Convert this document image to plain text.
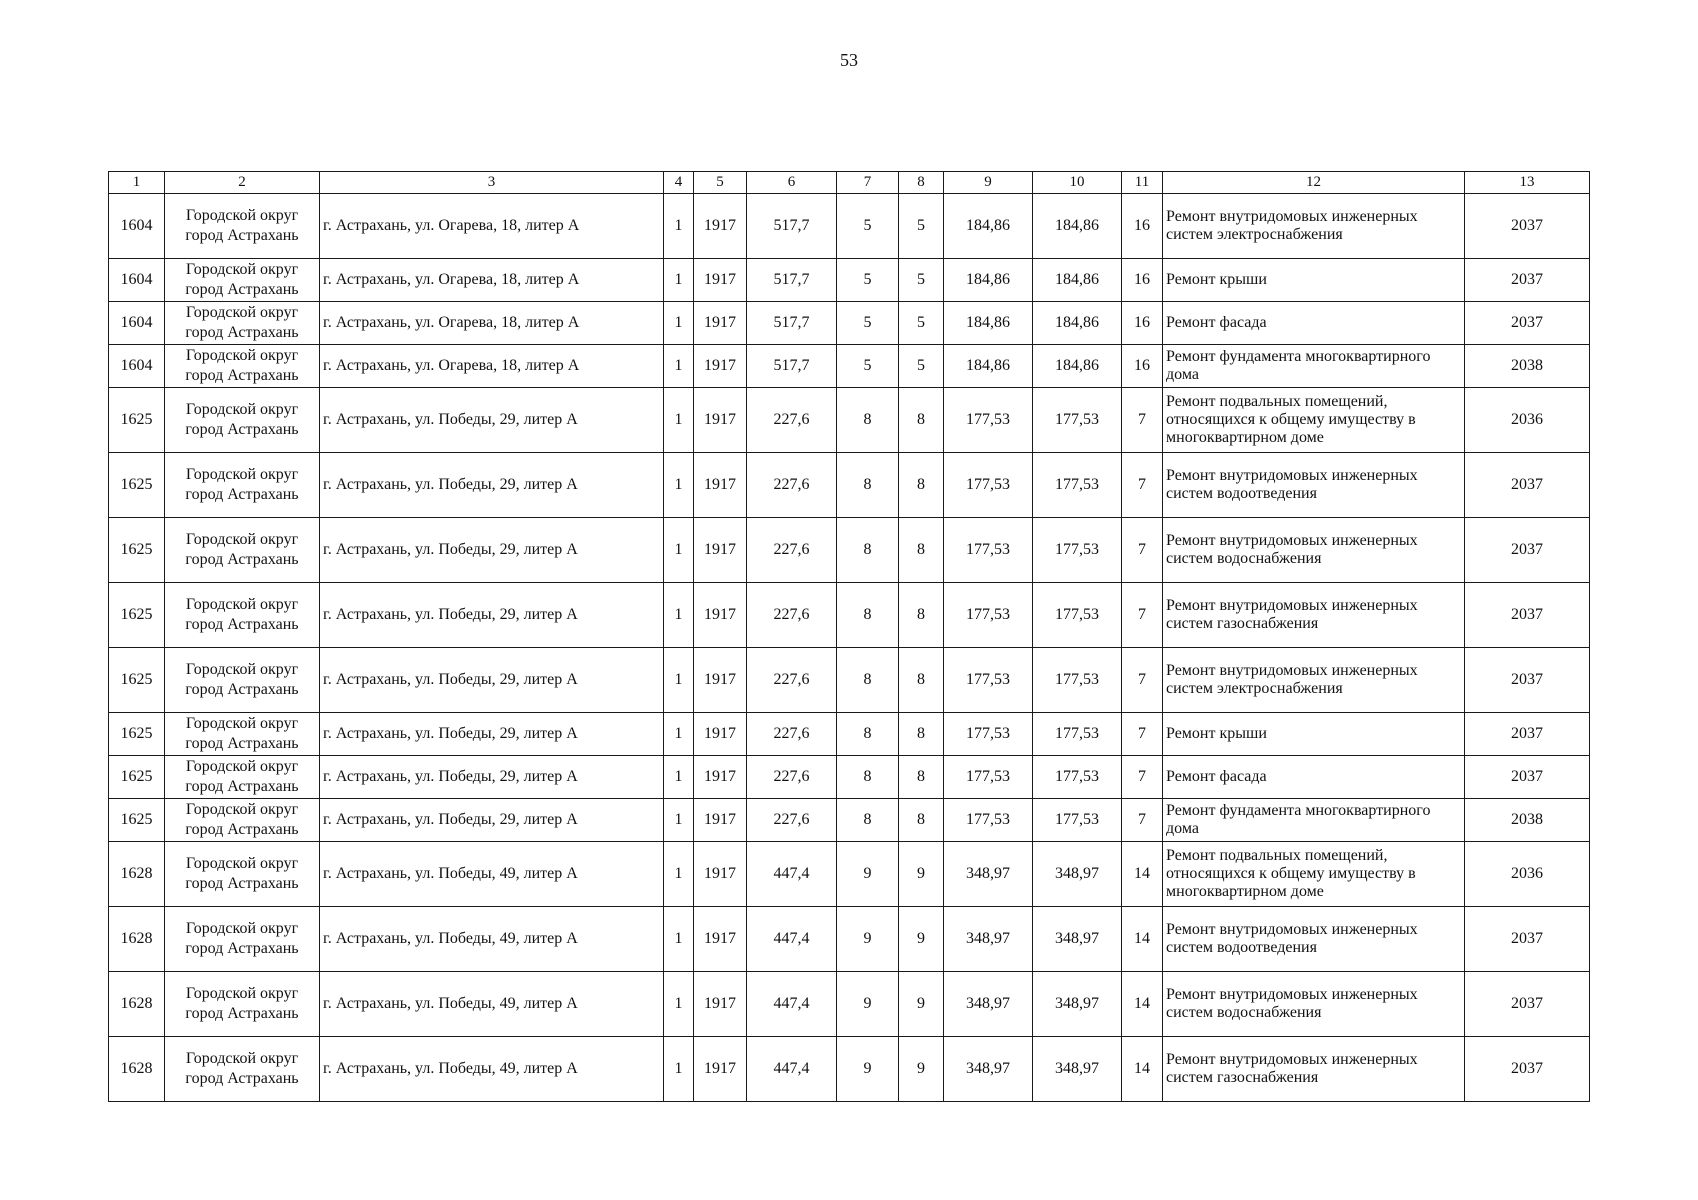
53
1	2	3	4	5	6	7	8	9	10	11	12	13
1604	Городской округ город Астрахань	г. Астрахань, ул. Огарева, 18, литер А	1	1917	517,7	5	5	184,86	184,86	16	Ремонт внутридомовых инженерных систем электроснабжения	2037
1604	Городской округ город Астрахань	г. Астрахань, ул. Огарева, 18, литер А	1	1917	517,7	5	5	184,86	184,86	16	Ремонт крыши	2037
1604	Городской округ город Астрахань	г. Астрахань, ул. Огарева, 18, литер А	1	1917	517,7	5	5	184,86	184,86	16	Ремонт фасада	2037
1604	Городской округ город Астрахань	г. Астрахань, ул. Огарева, 18, литер А	1	1917	517,7	5	5	184,86	184,86	16	Ремонт фундамента многоквартирного дома	2038
1625	Городской округ город Астрахань	г. Астрахань, ул. Победы, 29, литер А	1	1917	227,6	8	8	177,53	177,53	7	Ремонт подвальных помещений, относящихся к общему имуществу в многоквартирном доме	2036
1625	Городской округ город Астрахань	г. Астрахань, ул. Победы, 29, литер А	1	1917	227,6	8	8	177,53	177,53	7	Ремонт внутридомовых инженерных систем водоотведения	2037
1625	Городской округ город Астрахань	г. Астрахань, ул. Победы, 29, литер А	1	1917	227,6	8	8	177,53	177,53	7	Ремонт внутридомовых инженерных систем водоснабжения	2037
1625	Городской округ город Астрахань	г. Астрахань, ул. Победы, 29, литер А	1	1917	227,6	8	8	177,53	177,53	7	Ремонт внутридомовых инженерных систем газоснабжения	2037
1625	Городской округ город Астрахань	г. Астрахань, ул. Победы, 29, литер А	1	1917	227,6	8	8	177,53	177,53	7	Ремонт внутридомовых инженерных систем электроснабжения	2037
1625	Городской округ город Астрахань	г. Астрахань, ул. Победы, 29, литер А	1	1917	227,6	8	8	177,53	177,53	7	Ремонт крыши	2037
1625	Городской округ город Астрахань	г. Астрахань, ул. Победы, 29, литер А	1	1917	227,6	8	8	177,53	177,53	7	Ремонт фасада	2037
1625	Городской округ город Астрахань	г. Астрахань, ул. Победы, 29, литер А	1	1917	227,6	8	8	177,53	177,53	7	Ремонт фундамента многоквартирного дома	2038
1628	Городской округ город Астрахань	г. Астрахань, ул. Победы, 49, литер А	1	1917	447,4	9	9	348,97	348,97	14	Ремонт подвальных помещений, относящихся к общему имуществу в многоквартирном доме	2036
1628	Городской округ город Астрахань	г. Астрахань, ул. Победы, 49, литер А	1	1917	447,4	9	9	348,97	348,97	14	Ремонт внутридомовых инженерных систем водоотведения	2037
1628	Городской округ город Астрахань	г. Астрахань, ул. Победы, 49, литер А	1	1917	447,4	9	9	348,97	348,97	14	Ремонт внутридомовых инженерных систем водоснабжения	2037
1628	Городской округ город Астрахань	г. Астрахань, ул. Победы, 49, литер А	1	1917	447,4	9	9	348,97	348,97	14	Ремонт внутридомовых инженерных систем газоснабжения	2037
